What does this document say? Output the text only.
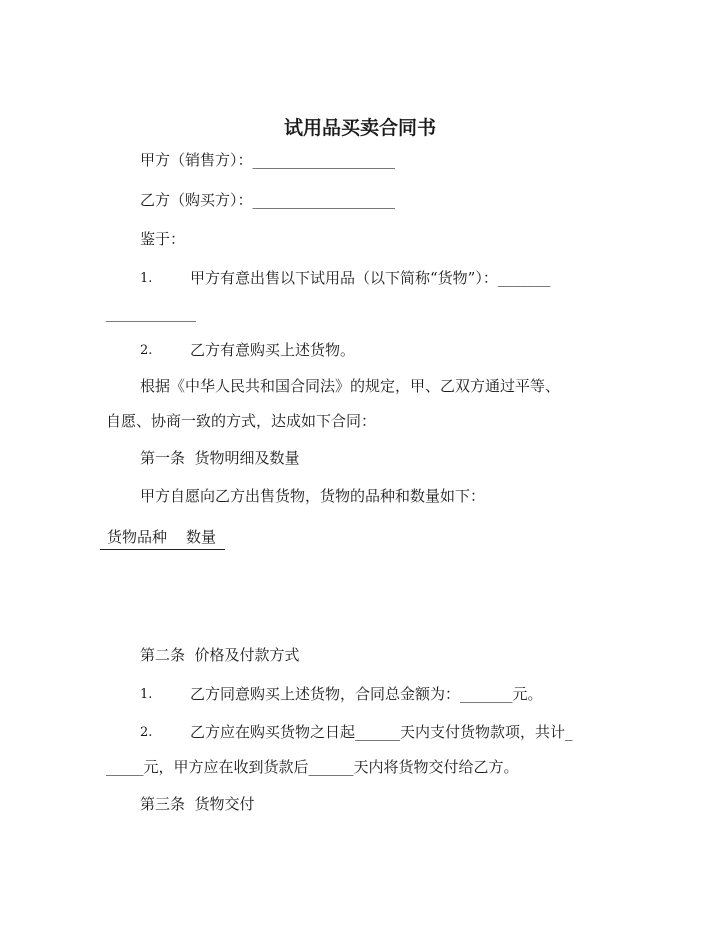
试用品买卖合同书
甲方（销售方）：___________________
乙方（购买方）：___________________
鉴于：
1.	甲方有意出售以下试用品（以下简称“货物”）：_______
____________
2.	乙方有意购买上述货物。
根据《中华人民共和国合同法》的规定，甲、乙双方通过平等、
自愿、协商一致的方式，达成如下合同：
第一条  货物明细及数量
甲方自愿向乙方出售货物，货物的品种和数量如下：
货物品种 数量
第二条  价格及付款方式
1.	乙方同意购买上述货物，合同总金额为：_______元。
2.	乙方应在购买货物之日起______天内支付货物款项，共计_
_____元，甲方应在收到货款后______天内将货物交付给乙方。
第三条  货物交付
